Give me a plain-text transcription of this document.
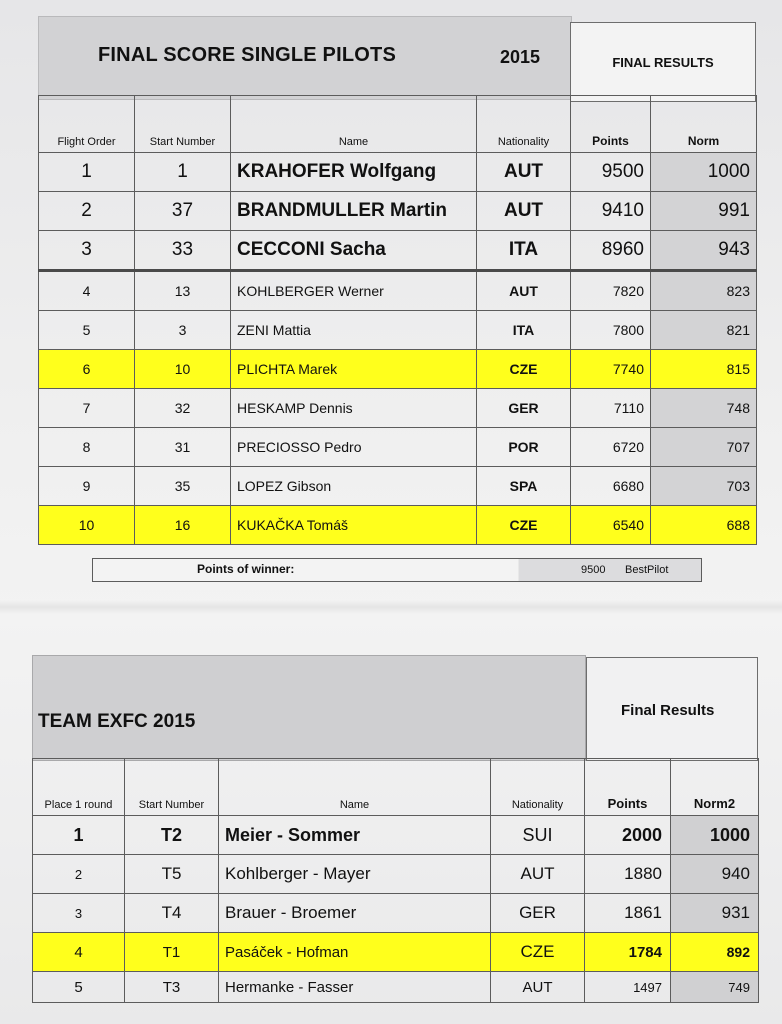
FINAL SCORE SINGLE PILOTS	2015	FINAL RESULTS
Flight Order	Start Number	Name	Nationality	Points	Norm
1	1	KRAHOFER Wolfgang	AUT	9500	1000
2	37	BRANDMULLER Martin	AUT	9410	991
3	33	CECCONI Sacha	ITA	8960	943
4	13	KOHLBERGER Werner	AUT	7820	823
5	3	ZENI Mattia	ITA	7800	821
6	10	PLICHTA Marek	CZE	7740	815
7	32	HESKAMP Dennis	GER	7110	748
8	31	PRECIOSSO Pedro	POR	6720	707
9	35	LOPEZ Gibson	SPA	6680	703
10	16	KUKAČKA Tomáš	CZE	6540	688
Points of winner:	9500 BestPilot
TEAM EXFC 2015
Final Results
Place 1 round	Start Number	Name	Nationality	Points	Norm2
1	T2	Meier - Sommer	SUI	2000	1000
2	T5	Kohlberger - Mayer	AUT	1880	940
3	T4	Brauer - Broemer	GER	1861	931
4	T1	Pasáček - Hofman	CZE	1784	892
5	T3	Hermanke - Fasser	AUT	1497	749
